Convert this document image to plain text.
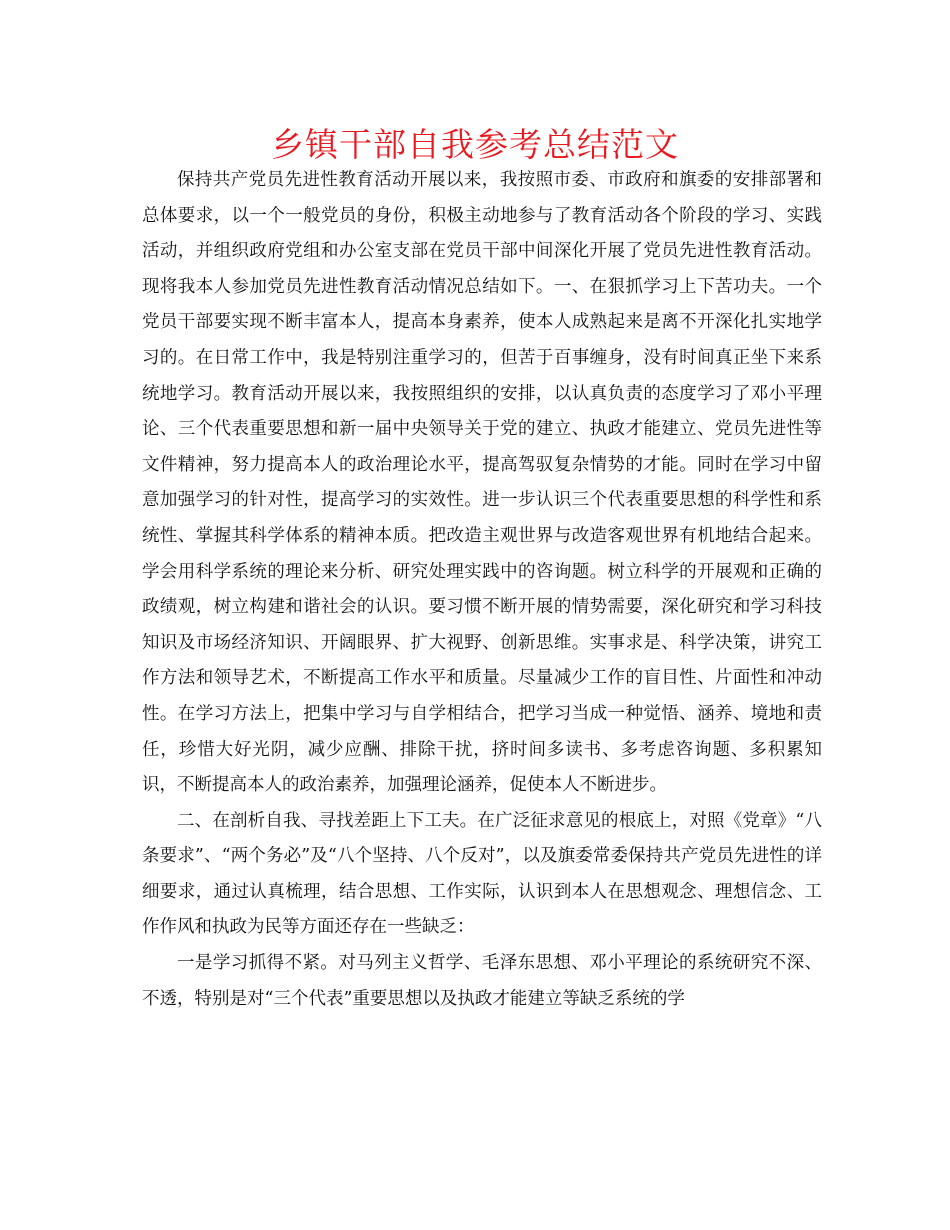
乡镇干部自我参考总结范文

保持共产党员先进性教育活动开展以来，我按照市委、市政府和旗委的安排部署和总体要求，以一个一般党员的身份，积极主动地参与了教育活动各个阶段的学习、实践活动，并组织政府党组和办公室支部在党员干部中间深化开展了党员先进性教育活动。现将我本人参加党员先进性教育活动情况总结如下。一、在狠抓学习上下苦功夫。一个党员干部要实现不断丰富本人，提高本身素养，使本人成熟起来是离不开深化扎实地学习的。在日常工作中，我是特别注重学习的，但苦于百事缠身，没有时间真正坐下来系统地学习。教育活动开展以来，我按照组织的安排，以认真负责的态度学习了邓小平理论、三个代表重要思想和新一届中央领导关于党的建立、执政才能建立、党员先进性等文件精神，努力提高本人的政治理论水平，提高驾驭复杂情势的才能。同时在学习中留意加强学习的针对性，提高学习的实效性。进一步认识三个代表重要思想的科学性和系统性、掌握其科学体系的精神本质。把改造主观世界与改造客观世界有机地结合起来。学会用科学系统的理论来分析、研究处理实践中的咨询题。树立科学的开展观和正确的政绩观，树立构建和谐社会的认识。要习惯不断开展的情势需要，深化研究和学习科技知识及市场经济知识、开阔眼界、扩大视野、创新思维。实事求是、科学决策，讲究工作方法和领导艺术，不断提高工作水平和质量。尽量减少工作的盲目性、片面性和冲动性。在学习方法上，把集中学习与自学相结合，把学习当成一种觉悟、涵养、境地和责任，珍惜大好光阴，减少应酬、排除干扰，挤时间多读书、多考虑咨询题、多积累知识，不断提高本人的政治素养，加强理论涵养，促使本人不断进步。

二、在剖析自我、寻找差距上下工夫。在广泛征求意见的根底上，对照《党章》“八条要求”、“两个务必”及“八个坚持、八个反对”，以及旗委常委保持共产党员先进性的详细要求，通过认真梳理，结合思想、工作实际，认识到本人在思想观念、理想信念、工作作风和执政为民等方面还存在一些缺乏：

一是学习抓得不紧。对马列主义哲学、毛泽东思想、邓小平理论的系统研究不深、不透，特别是对“三个代表”重要思想以及执政才能建立等缺乏系统的学
